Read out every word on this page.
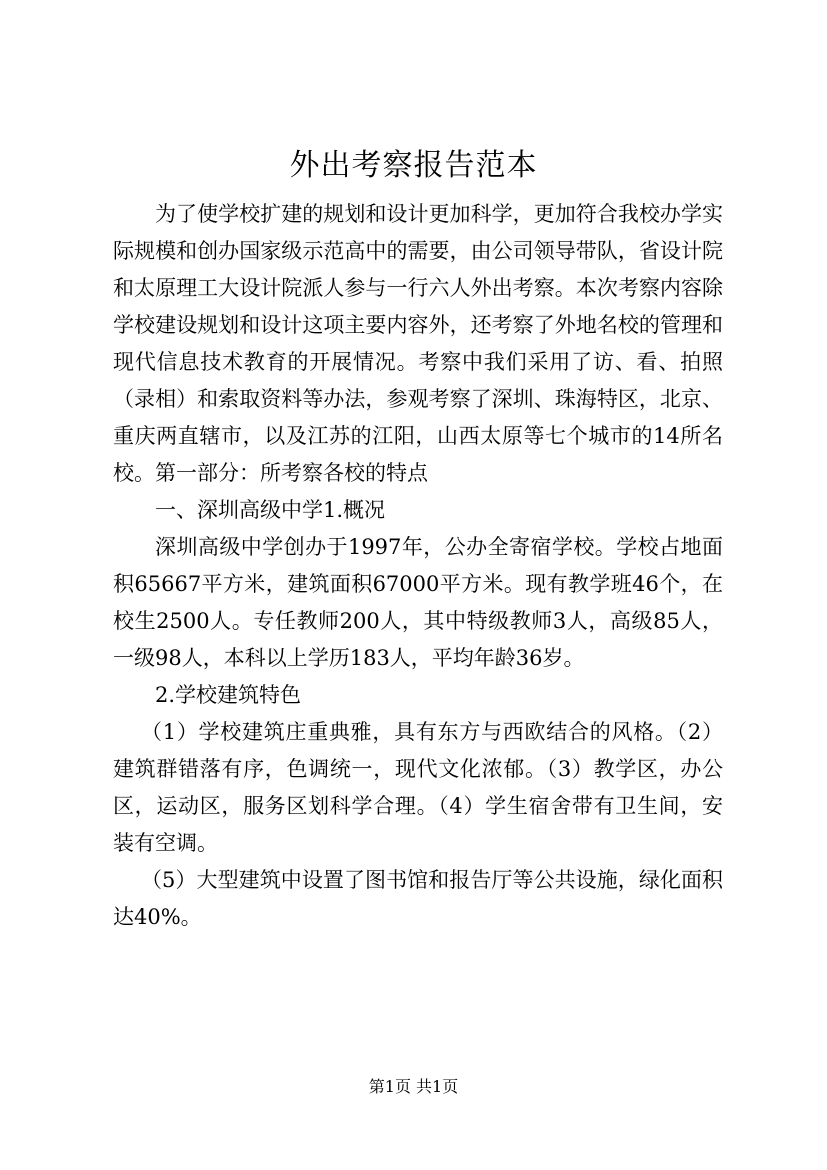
外出考察报告范本

为了使学校扩建的规划和设计更加科学，更加符合我校办学实际规模和创办国家级示范高中的需要，由公司领导带队，省设计院和太原理工大设计院派人参与一行六人外出考察。本次考察内容除学校建设规划和设计这项主要内容外，还考察了外地名校的管理和现代信息技术教育的开展情况。考察中我们采用了访、看、拍照（录相）和索取资料等办法，参观考察了深圳、珠海特区，北京、重庆两直辖市，以及江苏的江阳，山西太原等七个城市的14所名校。第一部分：所考察各校的特点

一、深圳高级中学1.概况

深圳高级中学创办于1997年，公办全寄宿学校。学校占地面积65667平方米，建筑面积67000平方米。现有教学班46个，在校生2500人。专任教师200人，其中特级教师3人，高级85人，一级98人，本科以上学历183人，平均年龄36岁。

2.学校建筑特色

（1）学校建筑庄重典雅，具有东方与西欧结合的风格。（2）建筑群错落有序，色调统一，现代文化浓郁。（3）教学区，办公区，运动区，服务区划科学合理。（4）学生宿舍带有卫生间，安装有空调。

（5）大型建筑中设置了图书馆和报告厅等公共设施，绿化面积达40%。

第1页 共1页
